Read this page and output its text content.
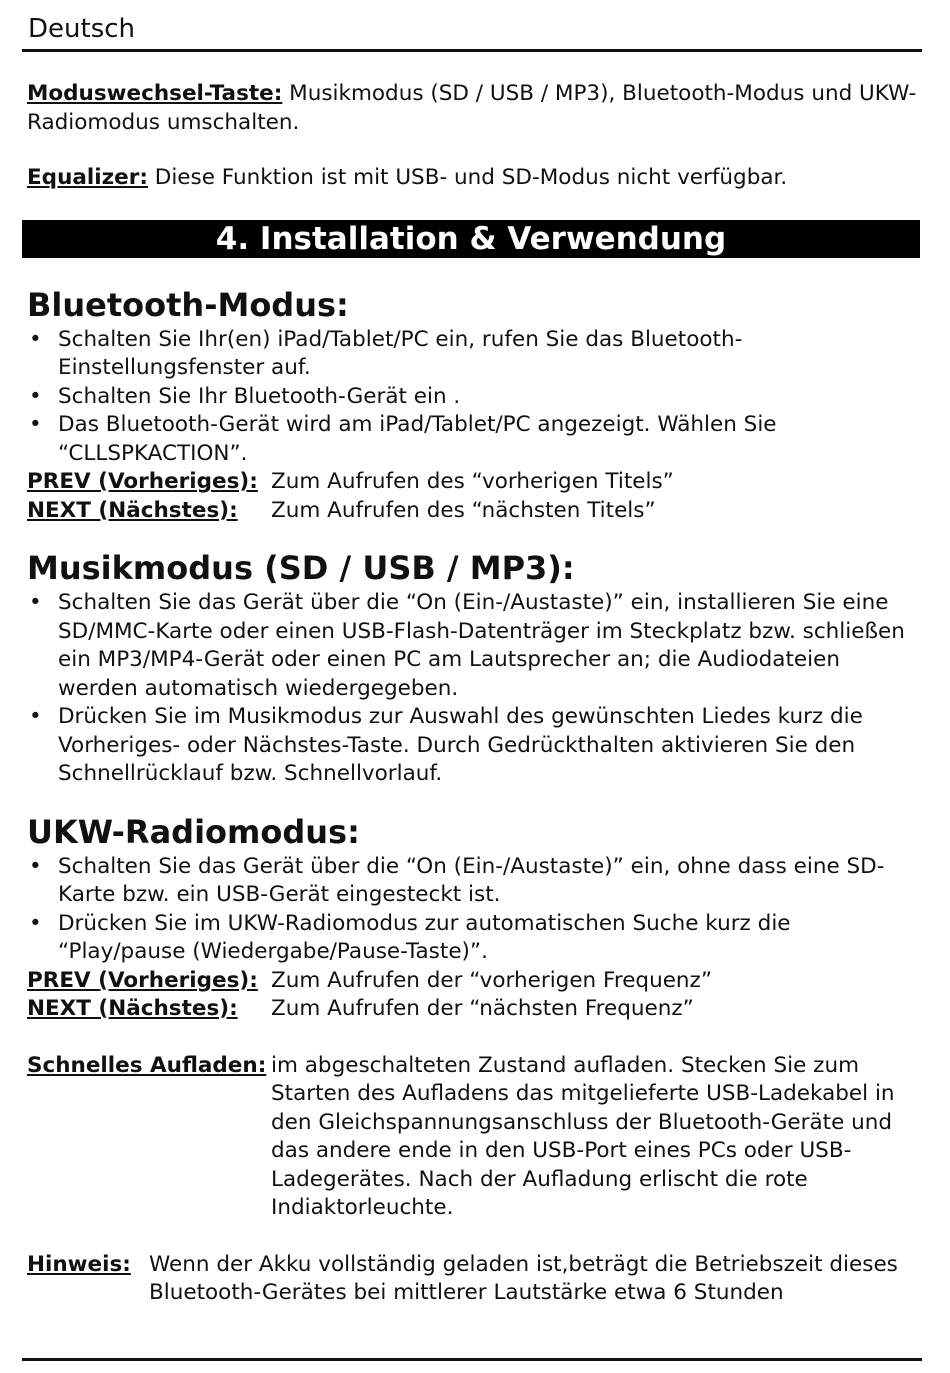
Deutsch

Moduswechsel-Taste: Musikmodus (SD / USB / MP3), Bluetooth-Modus und UKW-Radiomodus umschalten.

Equalizer: Diese Funktion ist mit USB- und SD-Modus nicht verfügbar.

4. Installation & Verwendung
Bluetooth-Modus:
• Schalten Sie Ihr(en) iPad/Tablet/PC ein, rufen Sie das Bluetooth-Einstellungsfenster auf.
• Schalten Sie Ihr Bluetooth-Gerät ein .
• Das Bluetooth-Gerät wird am iPad/Tablet/PC angezeigt. Wählen Sie “CLLSPKACTION”.
PREV (Vorheriges): Zum Aufrufen des “vorherigen Titels”
NEXT (Nächstes):	Zum Aufrufen des “nächsten Titels”
Musikmodus (SD / USB / MP3):
• Schalten Sie das Gerät über die “On (Ein-/Austaste)” ein, installieren Sie eine SD/MMC-Karte oder einen USB-Flash-Datenträger im Steckplatz bzw. schließen ein MP3/MP4-Gerät oder einen PC am Lautsprecher an; die Audiodateien werden automatisch wiedergegeben.
• Drücken Sie im Musikmodus zur Auswahl des gewünschten Liedes kurz die Vorheriges- oder Nächstes-Taste. Durch Gedrückthalten aktivieren Sie den Schnellrücklauf bzw. Schnellvorlauf.
UKW-Radiomodus:
• Schalten Sie das Gerät über die “On (Ein-/Austaste)” ein, ohne dass eine SD-Karte bzw. ein USB-Gerät eingesteckt ist.
• Drücken Sie im UKW-Radiomodus zur automatischen Suche kurz die “Play/pause (Wiedergabe/Pause-Taste)”.
PREV (Vorheriges): Zum Aufrufen der “vorherigen Frequenz”
NEXT (Nächstes):	Zum Aufrufen der “nächsten Frequenz”
Schnelles Aufladen: im abgeschalteten Zustand aufladen. Stecken Sie zum Starten des Aufladens das mitgelieferte USB-Ladekabel in den Gleichspannungsanschluss der Bluetooth-Geräte und das andere ende in den USB-Port eines PCs oder USB-Ladegerätes. Nach der Aufladung erlischt die rote Indiaktorleuchte.
Hinweis: Wenn der Akku vollständig geladen ist,beträgt die Betriebszeit dieses Bluetooth-Gerätes bei mittlerer Lautstärke etwa 6 Stunden
